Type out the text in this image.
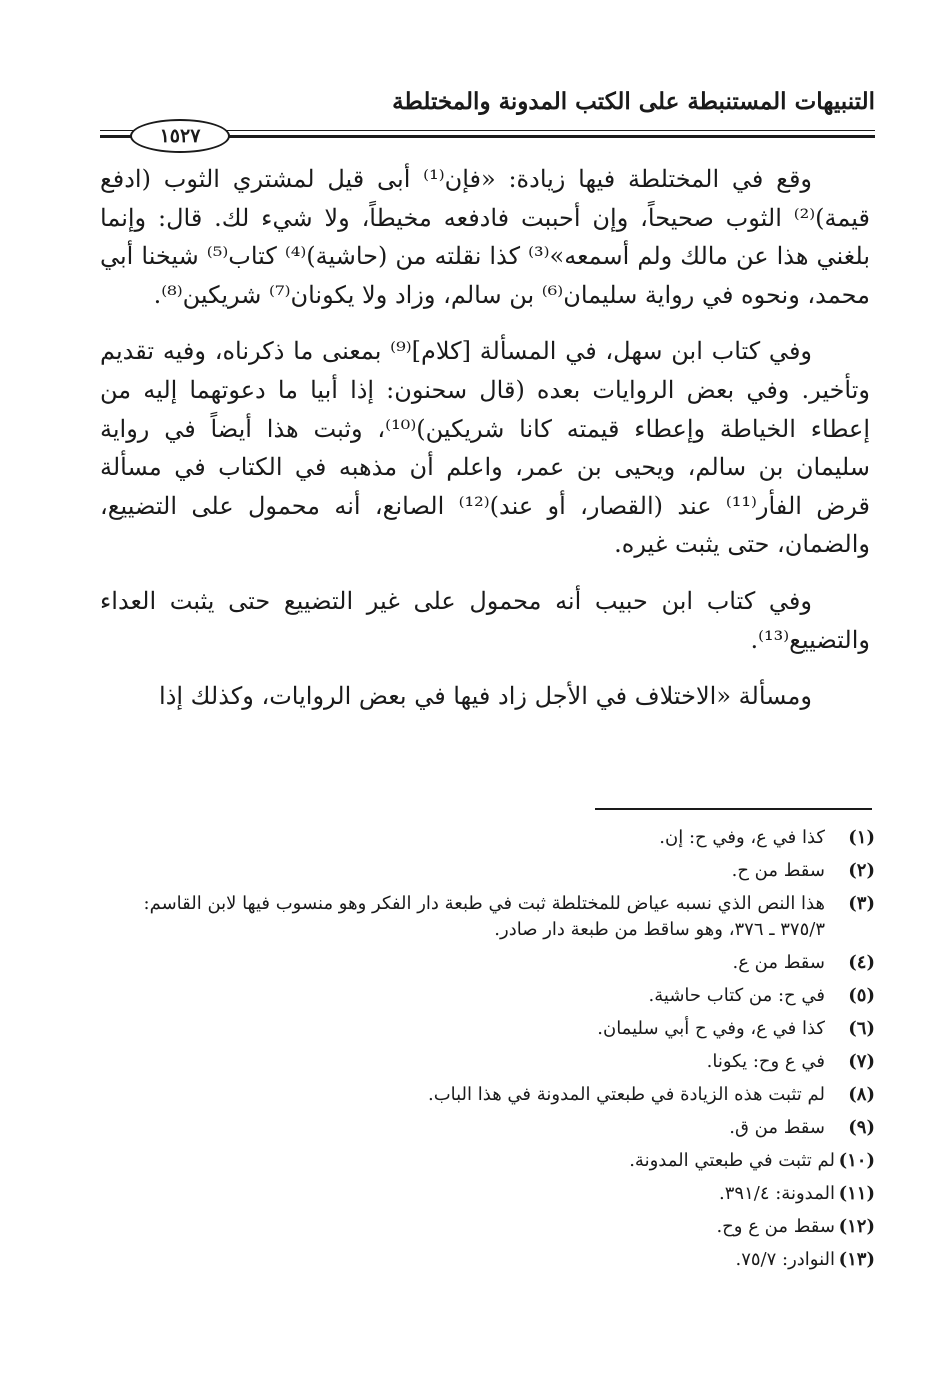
التنبيهات المستنبطة على الكتب المدونة والمختلطة
١٥٢٧

وقع في المختلطة فيها زيادة: «فإن⁽¹⁾ أبى قيل لمشتري الثوب (ادفع قيمة)⁽²⁾ الثوب صحيحاً، وإن أحببت فادفعه مخيطاً، ولا شيء لك. قال: وإنما بلغني هذا عن مالك ولم أسمعه»⁽³⁾ كذا نقلته من (حاشية)⁽⁴⁾ كتاب⁽⁵⁾ شيخنا أبي محمد، ونحوه في رواية سليمان⁽⁶⁾ بن سالم، وزاد ولا يكونان⁽⁷⁾ شريكين⁽⁸⁾.

وفي كتاب ابن سهل، في المسألة [كلام]⁽⁹⁾ بمعنى ما ذكرناه، وفيه تقديم وتأخير. وفي بعض الروايات بعده (قال سحنون: إذا أبيا ما دعوتهما إليه من إعطاء الخياطة وإعطاء قيمته كانا شريكين)⁽¹⁰⁾، وثبت هذا أيضاً في رواية سليمان بن سالم، ويحيى بن عمر، واعلم أن مذهبه في الكتاب في مسألة قرض الفأر⁽¹¹⁾ عند (القصار، أو عند)⁽¹²⁾ الصانع، أنه محمول على التضييع، والضمان، حتى يثبت غيره.

وفي كتاب ابن حبيب أنه محمول على غير التضييع حتى يثبت العداء والتضييع⁽¹³⁾.

ومسألة «الاختلاف في الأجل زاد فيها في بعض الروايات، وكذلك إذا

(١)
كذا في ع، وفي ح: إن.
(٢)
سقط من ح.
(٣)
هذا النص الذي نسبه عياض للمختلطة ثبت في طبعة دار الفكر وهو منسوب فيها لابن القاسم: ٣٧٥/٣ ـ ٣٧٦، وهو ساقط من طبعة دار صادر.
(٤)
سقط من ع.
(٥)
في ح: من كتاب حاشية.
(٦)
كذا في ع، وفي ح أبي سليمان.
(٧)
في ع وح: يكونا.
(٨)
لم تثبت هذه الزيادة في طبعتي المدونة في هذا الباب.
(٩)
سقط من ق.
(١٠)
لم تثبت في طبعتي المدونة.
(١١)
المدونة: ٣٩١/٤.
(١٢)
سقط من ع وح.
(١٣)
النوادر: ٧٥/٧.
